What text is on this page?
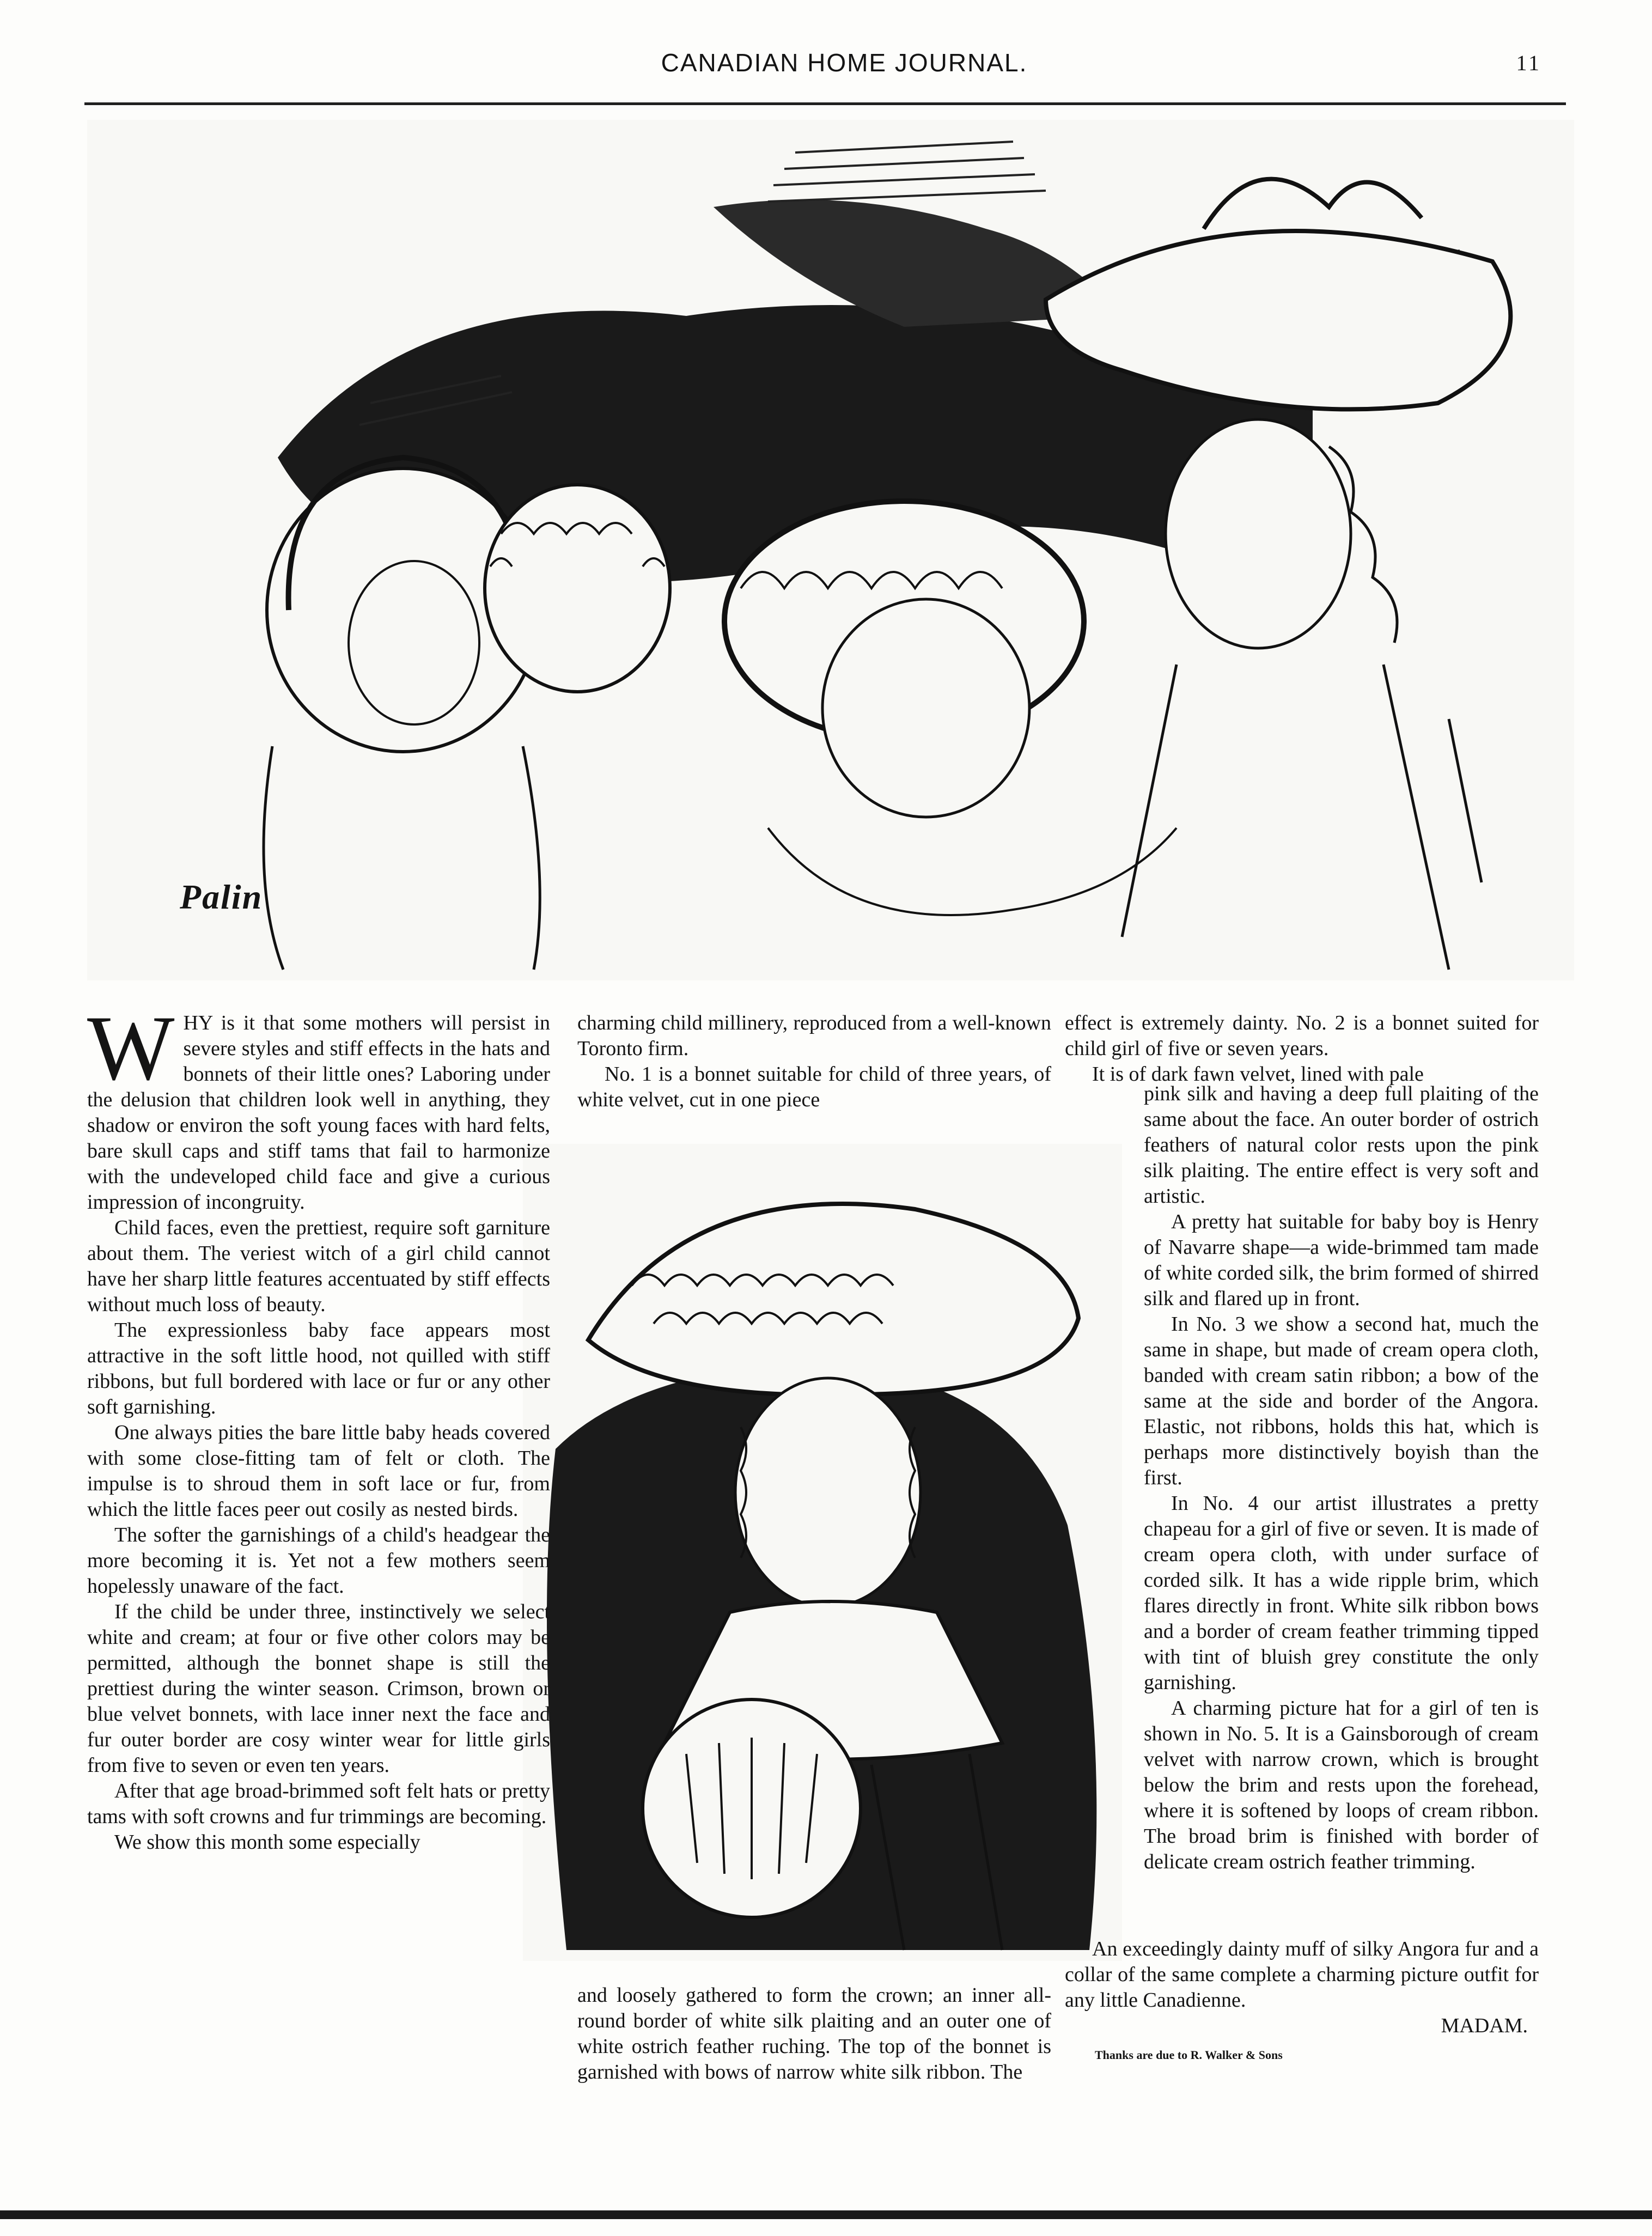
CANADIAN HOME JOURNAL.	11
Palin

WHY is it that some mothers will persist in severe styles and stiff effects in the hats and bonnets of their little ones? Laboring under the delusion that children look well in anything, they shadow or environ the soft young faces with hard felts, bare skull caps and stiff tams that fail to harmonize with the undeveloped child face and give a curious impression of incongruity.

Child faces, even the prettiest, require soft garniture about them. The veriest witch of a girl child cannot have her sharp little features accentuated by stiff effects without much loss of beauty.

The expressionless baby face appears most attractive in the soft little hood, not quilled with stiff ribbons, but full bordered with lace or fur or any other soft garnishing.

One always pities the bare little baby heads covered with some close-fitting tam of felt or cloth. The impulse is to shroud them in soft lace or fur, from which the little faces peer out cosily as nested birds.

The softer the garnishings of a child's headgear the more becoming it is. Yet not a few mothers seem hopelessly unaware of the fact.

If the child be under three, instinctively we select white and cream; at four or five other colors may be permitted, although the bonnet shape is still the prettiest during the winter season. Crimson, brown or blue velvet bonnets, with lace inner next the face and fur outer border are cosy winter wear for little girls from five to seven or even ten years.

After that age broad-brimmed soft felt hats or pretty tams with soft crowns and fur trimmings are becoming.

We show this month some especially

charming child millinery, reproduced from a well-known Toronto firm.

No. 1 is a bonnet suitable for child of three years, of white velvet, cut in one piece

and loosely gathered to form the crown; an inner all-round border of white silk plaiting and an outer one of white ostrich feather ruching. The top of the bonnet is garnished with bows of narrow white silk ribbon. The

effect is extremely dainty. No. 2 is a bonnet suited for child girl of five or seven years.

It is of dark fawn velvet, lined with pale

pink silk and having a deep full plaiting of the same about the face. An outer border of ostrich feathers of natural color rests upon the pink silk plaiting. The entire effect is very soft and artistic.

A pretty hat suitable for baby boy is Henry of Navarre shape—a wide-brimmed tam made of white corded silk, the brim formed of shirred silk and flared up in front.

In No. 3 we show a second hat, much the same in shape, but made of cream opera cloth, banded with cream satin ribbon; a bow of the same at the side and border of the Angora. Elastic, not ribbons, holds this hat, which is perhaps more distinctively boyish than the first.

In No. 4 our artist illustrates a pretty chapeau for a girl of five or seven. It is made of cream opera cloth, with under surface of corded silk. It has a wide ripple brim, which flares directly in front. White silk ribbon bows and a border of cream feather trimming tipped with tint of bluish grey constitute the only garnishing.

A charming picture hat for a girl of ten is shown in No. 5. It is a Gainsborough of cream velvet with narrow crown, which is brought below the brim and rests upon the forehead, where it is softened by loops of cream ribbon. The broad brim is finished with border of delicate cream ostrich feather trimming.

An exceedingly dainty muff of silky Angora fur and a collar of the same complete a charming picture outfit for any little Canadienne.

MADAM.

Thanks are due to R. Walker & Sons
